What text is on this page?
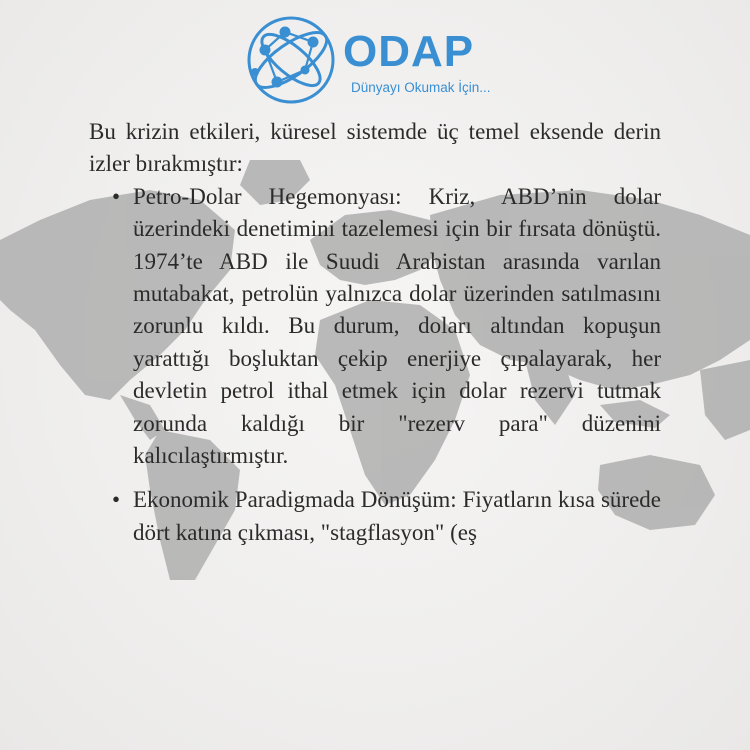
ODAP

Dünyayı Okumak İçin...

Bu krizin etkileri, küresel sistemde üç temel eksende derin izler bırakmıştır:

• Petro-Dolar Hegemonyası: Kriz, ABD’nin dolar üzerindeki denetimini tazelemesi için bir fırsata dönüştü. 1974’te ABD ile Suudi Arabistan arasında varılan mutabakat, petrolün yalnızca dolar üzerinden satılmasını zorunlu kıldı. Bu durum, doları altından kopuşun yarattığı boşluktan çekip enerjiye çıpalayarak, her devletin petrol ithal etmek için dolar rezervi tutmak zorunda kaldığı bir "rezerv para" düzenini kalıcılaştırmıştır.
• Ekonomik Paradigmada Dönüşüm: Fiyatların kısa sürede dört katına çıkması, "stagflasyon" (eş
